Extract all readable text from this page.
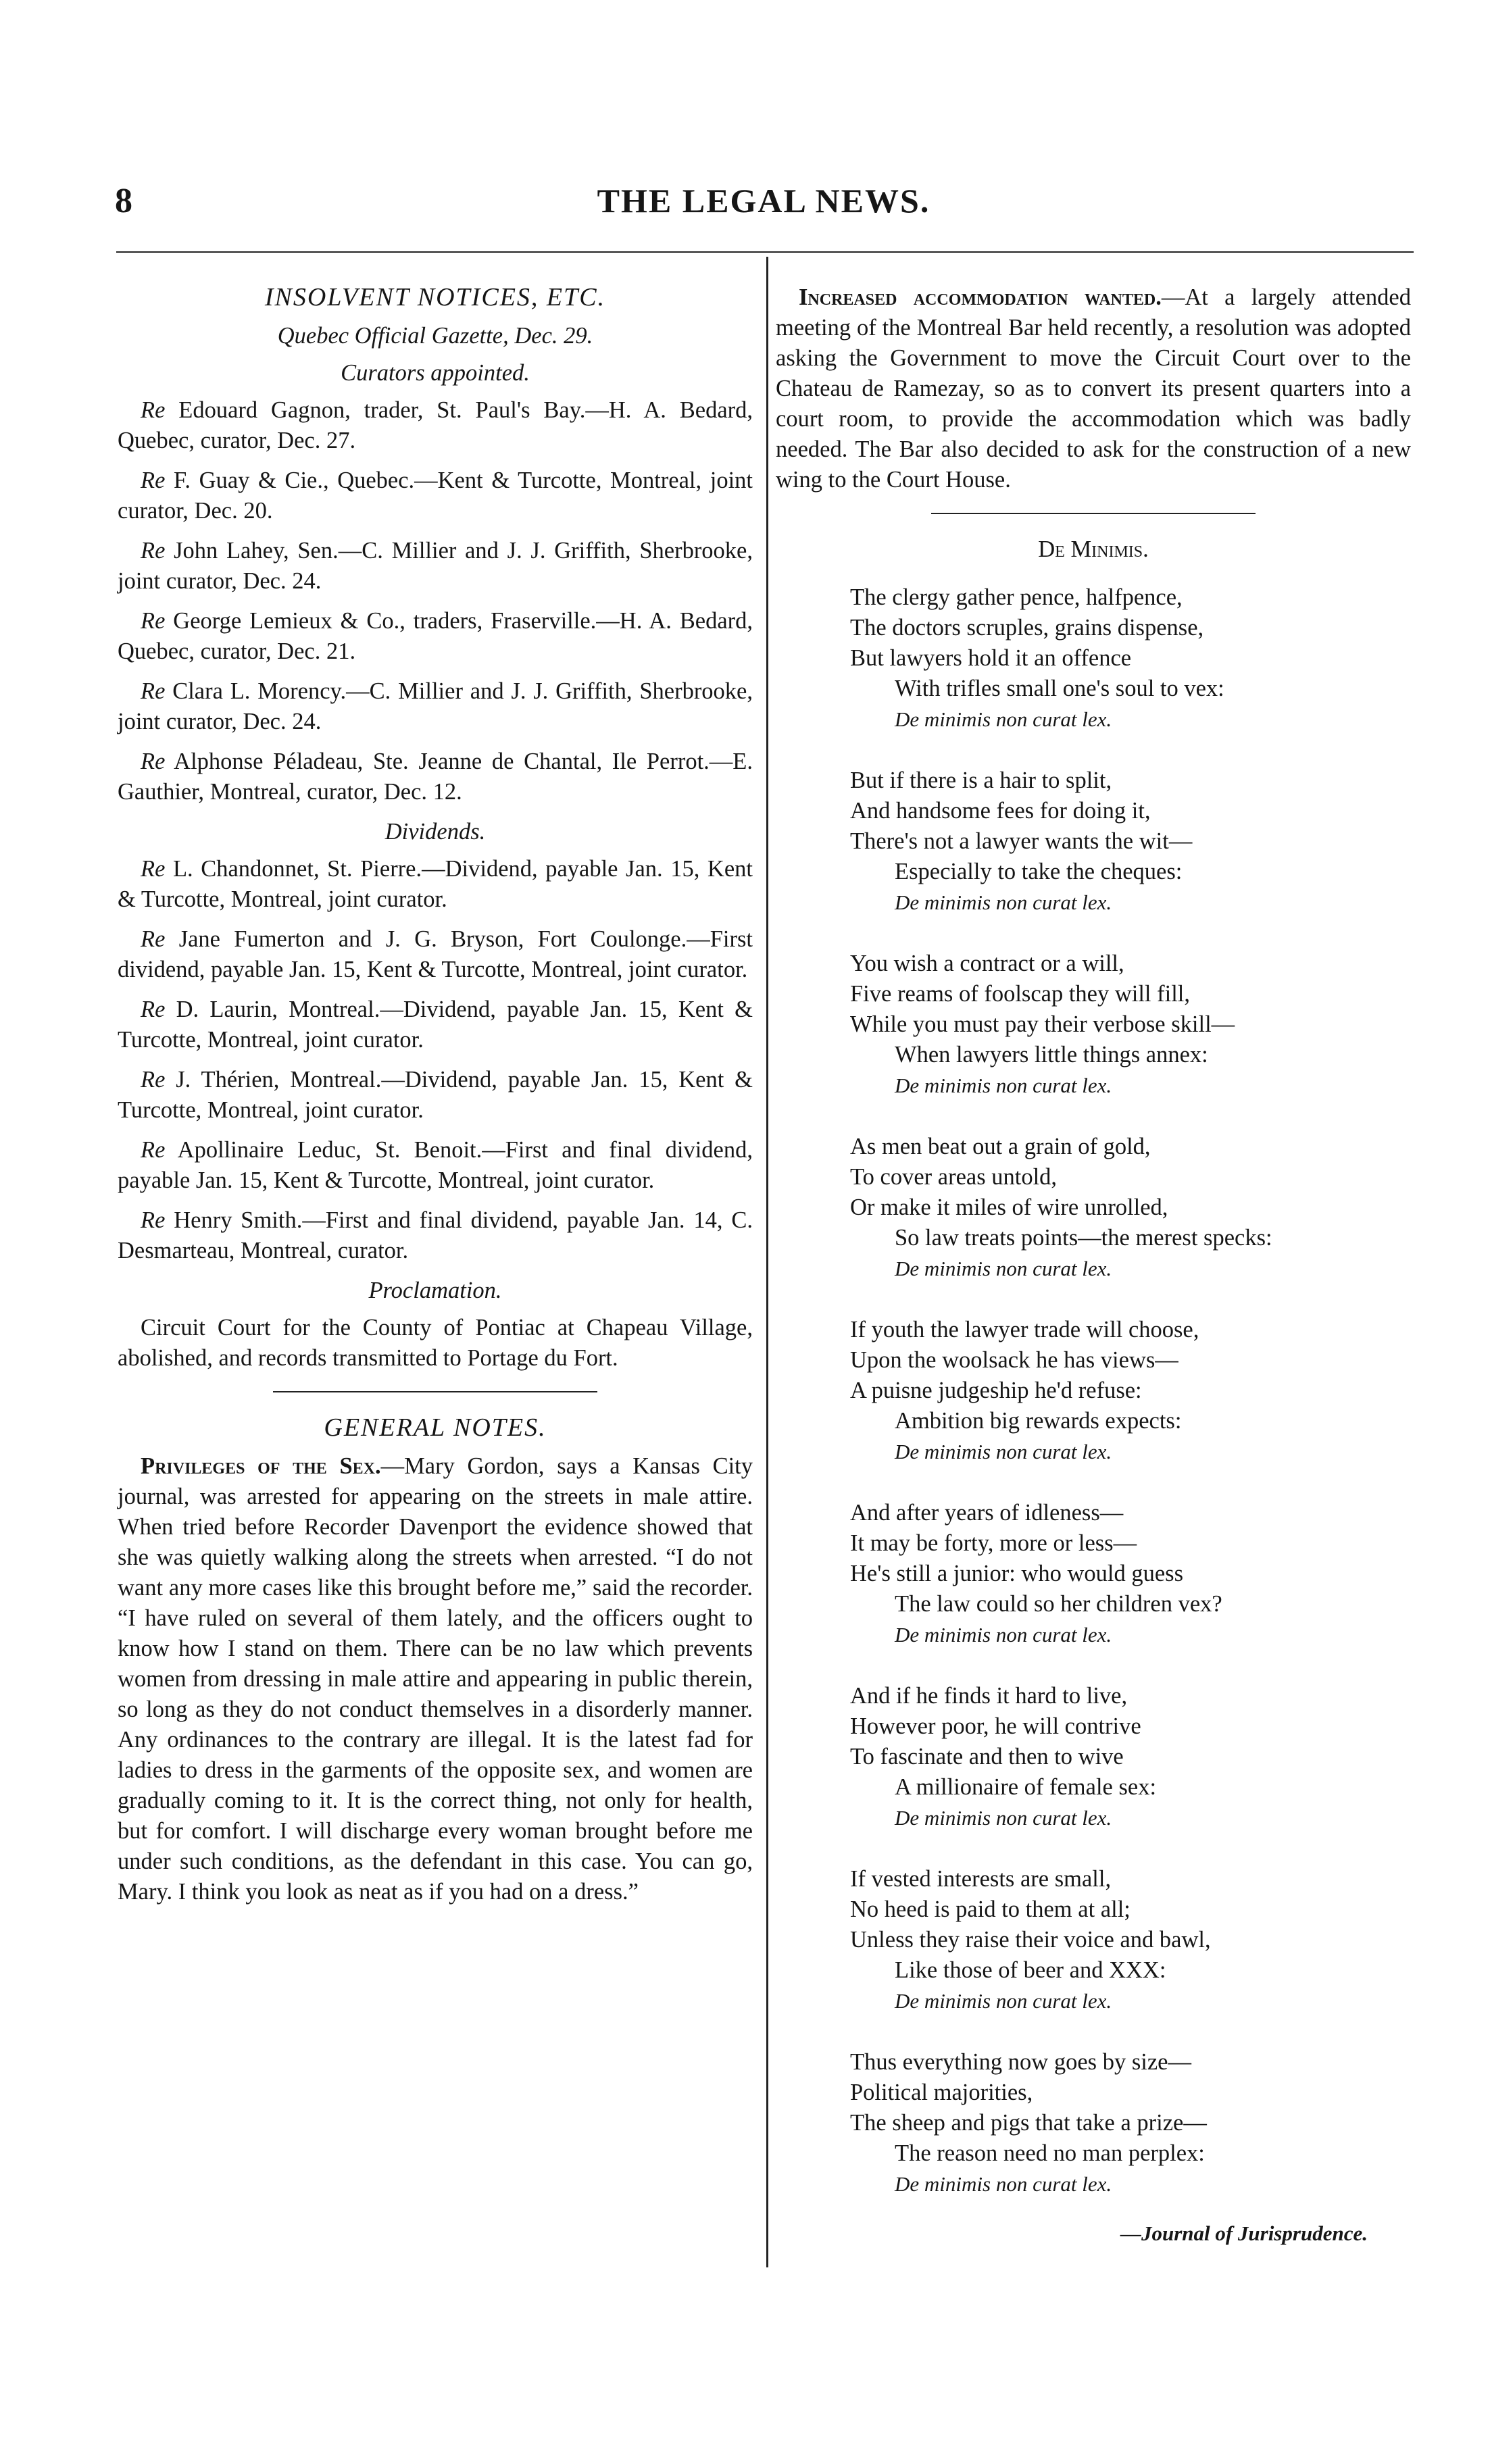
8	THE LEGAL NEWS.
INSOLVENT NOTICES, ETC.
Quebec Official Gazette, Dec. 29.
Curators appointed.

Re Edouard Gagnon, trader, St. Paul's Bay.—H. A. Bedard, Quebec, curator, Dec. 27.

Re F. Guay & Cie., Quebec.—Kent & Turcotte, Montreal, joint curator, Dec. 20.

Re John Lahey, Sen.—C. Millier and J. J. Griffith, Sherbrooke, joint curator, Dec. 24.

Re George Lemieux & Co., traders, Fraserville.—H. A. Bedard, Quebec, curator, Dec. 21.

Re Clara L. Morency.—C. Millier and J. J. Griffith, Sherbrooke, joint curator, Dec. 24.

Re Alphonse Péladeau, Ste. Jeanne de Chantal, Ile Perrot.—E. Gauthier, Montreal, curator, Dec. 12.

Dividends.

Re L. Chandonnet, St. Pierre.—Dividend, payable Jan. 15, Kent & Turcotte, Montreal, joint curator.

Re Jane Fumerton and J. G. Bryson, Fort Coulonge.—First dividend, payable Jan. 15, Kent & Turcotte, Montreal, joint curator.

Re D. Laurin, Montreal.—Dividend, payable Jan. 15, Kent & Turcotte, Montreal, joint curator.

Re J. Thérien, Montreal.—Dividend, payable Jan. 15, Kent & Turcotte, Montreal, joint curator.

Re Apollinaire Leduc, St. Benoit.—First and final dividend, payable Jan. 15, Kent & Turcotte, Montreal, joint curator.

Re Henry Smith.—First and final dividend, payable Jan. 14, C. Desmarteau, Montreal, curator.

Proclamation.

Circuit Court for the County of Pontiac at Chapeau Village, abolished, and records transmitted to Portage du Fort.

GENERAL NOTES.

Privileges of the Sex.—Mary Gordon, says a Kansas City journal, was arrested for appearing on the streets in male attire. When tried before Recorder Davenport the evidence showed that she was quietly walking along the streets when arrested. “I do not want any more cases like this brought before me,” said the recorder. “I have ruled on several of them lately, and the officers ought to know how I stand on them. There can be no law which prevents women from dressing in male attire and appearing in public therein, so long as they do not conduct themselves in a disorderly manner. Any ordinances to the contrary are illegal. It is the latest fad for ladies to dress in the garments of the opposite sex, and women are gradually coming to it. It is the correct thing, not only for health, but for comfort. I will discharge every woman brought before me under such conditions, as the defendant in this case. You can go, Mary. I think you look as neat as if you had on a dress.”

Increased accommodation wanted.—At a largely attended meeting of the Montreal Bar held recently, a resolution was adopted asking the Government to move the Circuit Court over to the Chateau de Ramezay, so as to convert its present quarters into a court room, to provide the accommodation which was badly needed. The Bar also decided to ask for the construction of a new wing to the Court House.

De Minimis.
The clergy gather pence, halfpence,
The doctors scruples, grains dispense,
But lawyers hold it an offence
With trifles small one's soul to vex:
De minimis non curat lex.
But if there is a hair to split,
And handsome fees for doing it,
There's not a lawyer wants the wit—
Especially to take the cheques:
De minimis non curat lex.
You wish a contract or a will,
Five reams of foolscap they will fill,
While you must pay their verbose skill—
When lawyers little things annex:
De minimis non curat lex.
As men beat out a grain of gold,
To cover areas untold,
Or make it miles of wire unrolled,
So law treats points—the merest specks:
De minimis non curat lex.
If youth the lawyer trade will choose,
Upon the woolsack he has views—
A puisne judgeship he'd refuse:
Ambition big rewards expects:
De minimis non curat lex.
And after years of idleness—
It may be forty, more or less—
He's still a junior: who would guess
The law could so her children vex?
De minimis non curat lex.
And if he finds it hard to live,
However poor, he will contrive
To fascinate and then to wive
A millionaire of female sex:
De minimis non curat lex.
If vested interests are small,
No heed is paid to them at all;
Unless they raise their voice and bawl,
Like those of beer and XXX:
De minimis non curat lex.
Thus everything now goes by size—
Political majorities,
The sheep and pigs that take a prize—
The reason need no man perplex:
De minimis non curat lex.
—Journal of Jurisprudence.
